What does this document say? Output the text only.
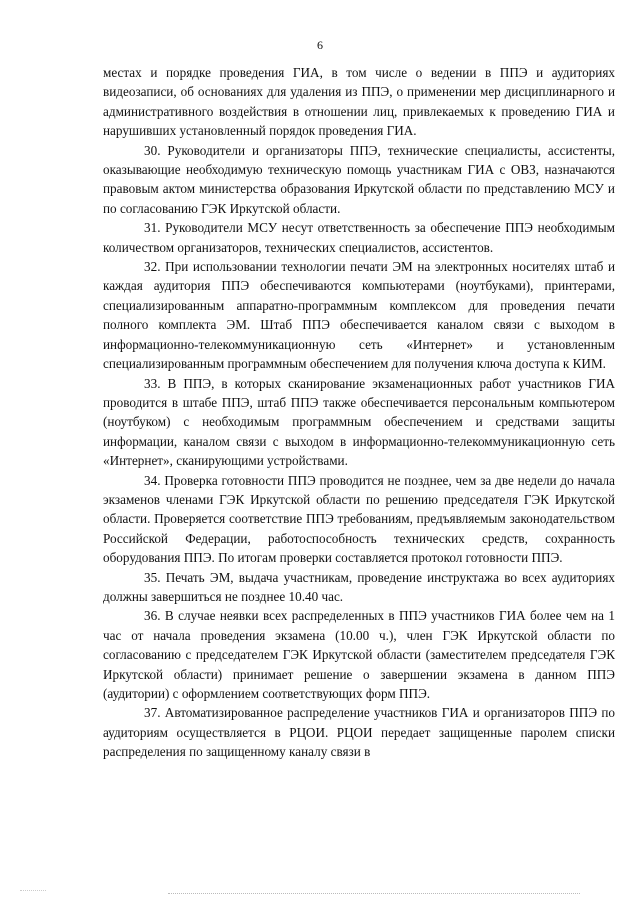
6

местах и порядке проведения ГИА, в том числе о ведении в ППЭ и аудиториях видеозаписи, об основаниях для удаления из ППЭ, о применении мер дисциплинарного и административного воздействия в отношении лиц, привлекаемых к проведению ГИА и нарушивших установленный порядок проведения ГИА.

30. Руководители и организаторы ППЭ, технические специалисты, ассистенты, оказывающие необходимую техническую помощь участникам ГИА с ОВЗ, назначаются правовым актом министерства образования Иркутской области по представлению МСУ и по согласованию ГЭК Иркутской области.

31. Руководители МСУ несут ответственность за обеспечение ППЭ необходимым количеством организаторов, технических специалистов, ассистентов.

32. При использовании технологии печати ЭМ на электронных носителях штаб и каждая аудитория ППЭ обеспечиваются компьютерами (ноутбуками), принтерами, специализированным аппаратно-программным комплексом для проведения печати полного комплекта ЭМ. Штаб ППЭ обеспечивается каналом связи с выходом в информационно-телекоммуникационную сеть «Интернет» и установленным специализированным программным обеспечением для получения ключа доступа к КИМ.

33. В ППЭ, в которых сканирование экзаменационных работ участников ГИА проводится в штабе ППЭ, штаб ППЭ также обеспечивается персональным компьютером (ноутбуком) с необходимым программным обеспечением и средствами защиты информации, каналом связи с выходом в информационно-телекоммуникационную сеть «Интернет», сканирующими устройствами.

34. Проверка готовности ППЭ проводится не позднее, чем за две недели до начала экзаменов членами ГЭК Иркутской области по решению председателя ГЭК Иркутской области. Проверяется соответствие ППЭ требованиям, предъявляемым законодательством Российской Федерации, работоспособность технических средств, сохранность оборудования ППЭ. По итогам проверки составляется протокол готовности ППЭ.

35. Печать ЭМ, выдача участникам, проведение инструктажа во всех аудиториях должны завершиться не позднее 10.40 час.

36. В случае неявки всех распределенных в ППЭ участников ГИА более чем на 1 час от начала проведения экзамена (10.00 ч.), член ГЭК Иркутской области по согласованию с председателем ГЭК Иркутской области (заместителем председателя ГЭК Иркутской области) принимает решение о завершении экзамена в данном ППЭ (аудитории) с оформлением соответствующих форм ППЭ.

37. Автоматизированное распределение участников ГИА и организаторов ППЭ по аудиториям осуществляется в РЦОИ. РЦОИ передает защищенные паролем списки распределения по защищенному каналу связи в
